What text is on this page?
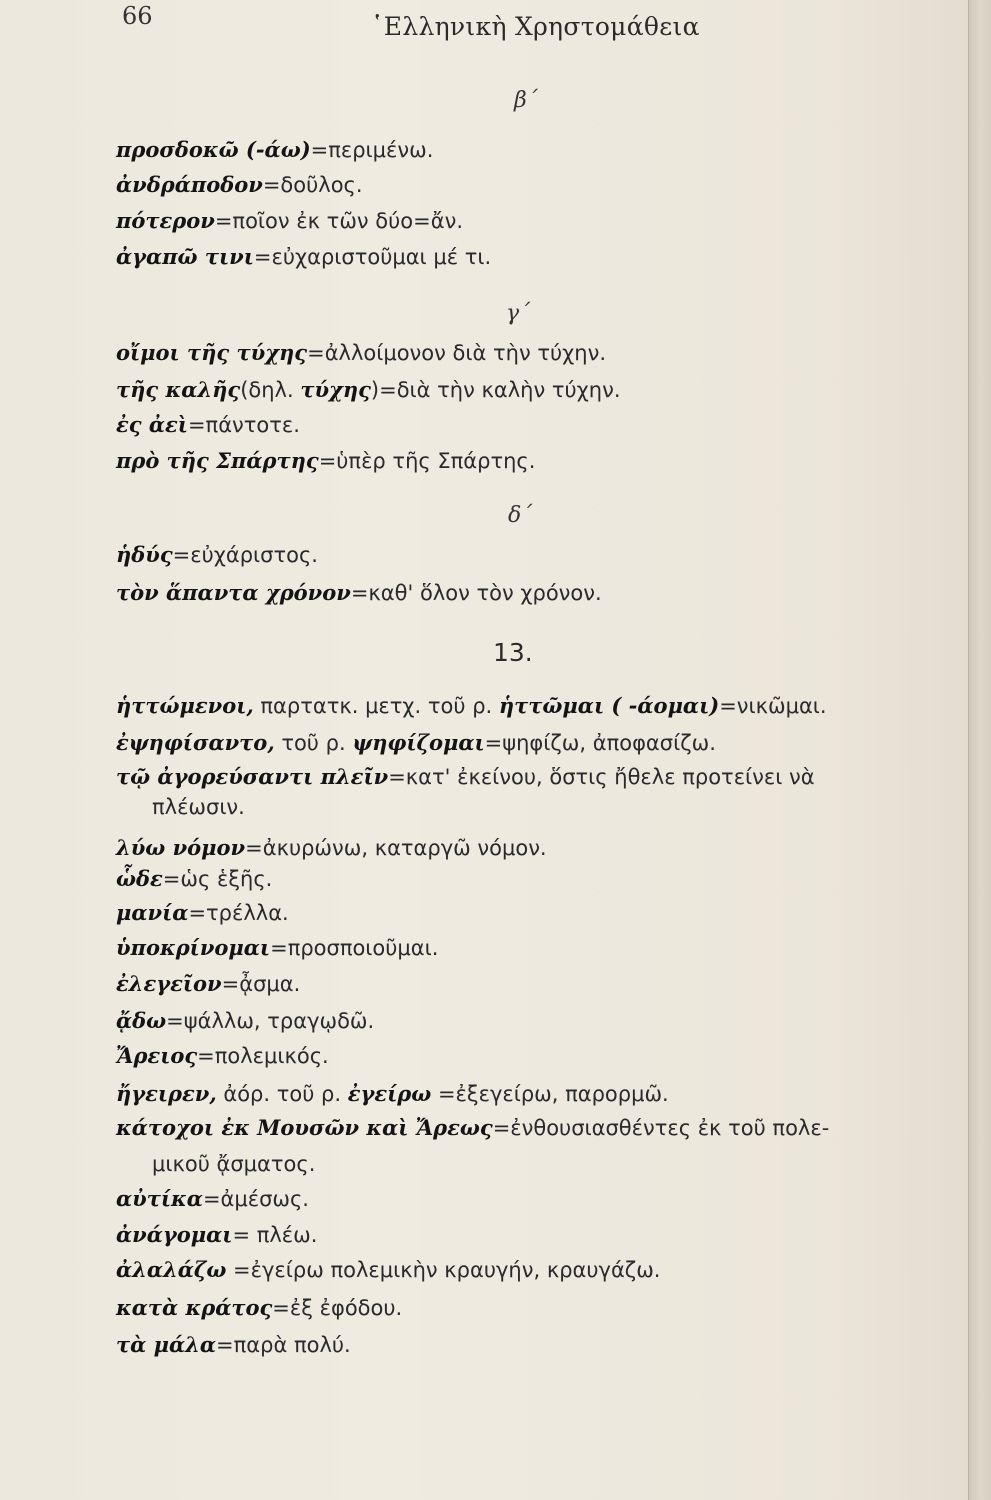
66	῾Ελληνικὴ Χρηστομάθεια
β΄
προσδοκῶ (-άω)=περιμένω.
ἀνδράποδον=δοῦλος.
πότερον=ποῖον ἐκ τῶν δύο=ἄν.
ἀγαπῶ τινι=εὐχαριστοῦμαι μέ τι.
γ΄
οἴμοι τῆς τύχης=ἀλλοίμονον διὰ τὴν τύχην.
τῆς καλῆς(δηλ. τύχης)=διὰ τὴν καλὴν τύχην.
ἐς ἀεὶ=πάντοτε.
πρὸ τῆς Σπάρτης=ὑπὲρ τῆς Σπάρτης.
δ΄
ἡδύς=εὐχάριστος.
τὸν ἅπαντα χρόνον=καθ' ὅλον τὸν χρόνον.
13.
ἡττώμενοι, παρτατκ. μετχ. τοῦ ρ. ἡττῶμαι ( -άομαι)=νικῶμαι.
ἐψηφίσαντο, τοῦ ρ. ψηφίζομαι=ψηφίζω, ἀποφασίζω.
τῷ ἀγορεύσαντι πλεῖν=κατ' ἐκείνου, ὅστις ἤθελε προτείνει νὰ
πλέωσιν.
λύω νόμον=ἀκυρώνω, καταργῶ νόμον.
ὧδε=ὡς ἑξῆς.
μανία=τρέλλα.
ὑποκρίνομαι=προσποιοῦμαι.
ἐλεγεῖον=ᾆσμα.
ᾄδω=ψάλλω, τραγῳδῶ.
Ἄρειος=πολεμικός.
ἤγειρεν, ἀόρ. τοῦ ρ. ἐγείρω =ἐξεγείρω, παρορμῶ.
κάτοχοι ἐκ Μουσῶν καὶ Ἄρεως=ἐνθουσιασθέντες ἐκ τοῦ πολε-
μικοῦ ᾄσματος.
αὐτίκα=ἀμέσως.
ἀνάγομαι= πλέω.
ἀλαλάζω =ἐγείρω πολεμικὴν κραυγήν, κραυγάζω.
κατὰ κράτος=ἐξ ἐφόδου.
τὰ μάλα=παρὰ πολύ.
